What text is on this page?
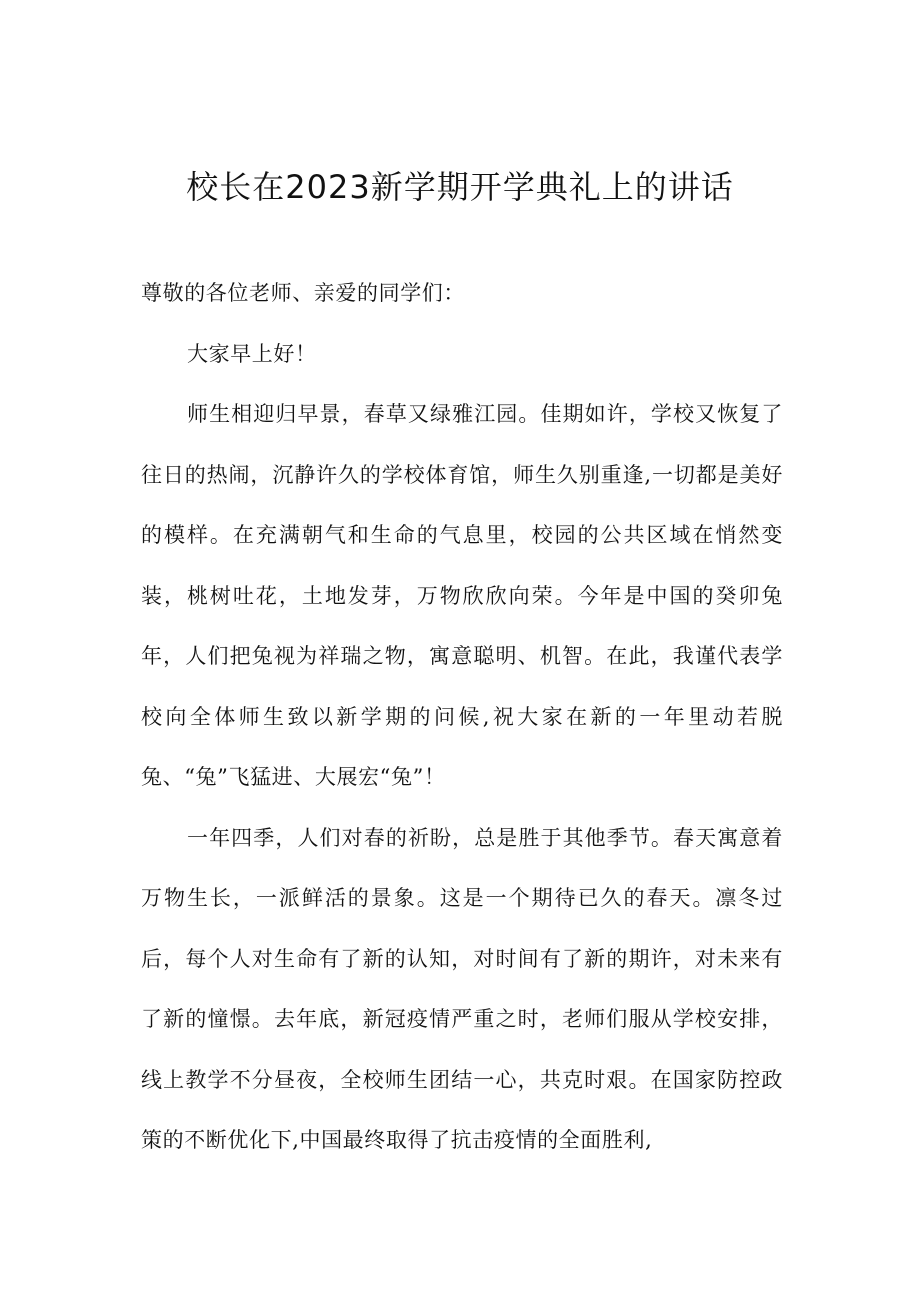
校长在2023新学期开学典礼上的讲话

尊敬的各位老师、亲爱的同学们：

大家早上好！

师生相迎归早景，春草又绿雅江园。佳期如许，学校又恢复了往日的热闹，沉静许久的学校体育馆，师生久别重逢,一切都是美好的模样。在充满朝气和生命的气息里，校园的公共区域在悄然变装，桃树吐花，土地发芽，万物欣欣向荣。今年是中国的癸卯兔年，人们把兔视为祥瑞之物，寓意聪明、机智。在此，我谨代表学校向全体师生致以新学期的问候,祝大家在新的一年里动若脱兔、“兔”飞猛进、大展宏“兔”！

一年四季，人们对春的祈盼，总是胜于其他季节。春天寓意着万物生长，一派鲜活的景象。这是一个期待已久的春天。凛冬过后，每个人对生命有了新的认知，对时间有了新的期许，对未来有了新的憧憬。去年底，新冠疫情严重之时，老师们服从学校安排，线上教学不分昼夜，全校师生团结一心，共克时艰。在国家防控政策的不断优化下,中国最终取得了抗击疫情的全面胜利,
